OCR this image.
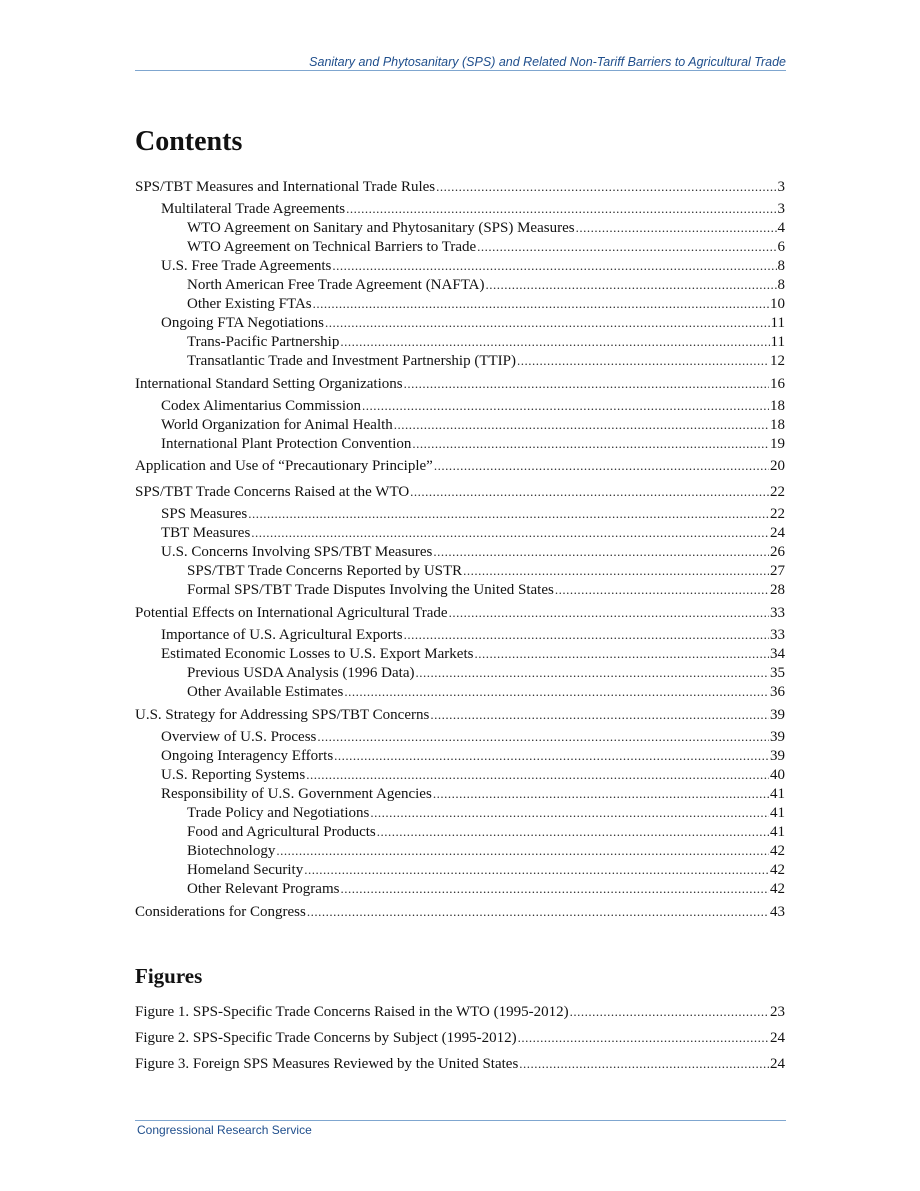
Sanitary and Phytosanitary (SPS) and Related Non-Tariff Barriers to Agricultural Trade
Contents
SPS/TBT Measures and International Trade Rules .....	3
Multilateral Trade Agreements .....	3
WTO Agreement on Sanitary and Phytosanitary (SPS) Measures .....	4
WTO Agreement on Technical Barriers to Trade .....	6
U.S. Free Trade Agreements .....	8
North American Free Trade Agreement (NAFTA) .....	8
Other Existing FTAs .....	10
Ongoing FTA Negotiations .....	11
Trans-Pacific Partnership .....	11
Transatlantic Trade and Investment Partnership (TTIP) .....	12
International Standard Setting Organizations .....	16
Codex Alimentarius Commission .....	18
World Organization for Animal Health .....	18
International Plant Protection Convention .....	19
Application and Use of “Precautionary Principle” .....	20
SPS/TBT Trade Concerns Raised at the WTO .....	22
SPS Measures .....	22
TBT Measures .....	24
U.S. Concerns Involving SPS/TBT Measures .....	26
SPS/TBT Trade Concerns Reported by USTR .....	27
Formal SPS/TBT Trade Disputes Involving the United States .....	28
Potential Effects on International Agricultural Trade .....	33
Importance of U.S. Agricultural Exports .....	33
Estimated Economic Losses to U.S. Export Markets .....	34
Previous USDA Analysis (1996 Data) .....	35
Other Available Estimates .....	36
U.S. Strategy for Addressing SPS/TBT Concerns .....	39
Overview of U.S. Process .....	39
Ongoing Interagency Efforts .....	39
U.S. Reporting Systems .....	40
Responsibility of U.S. Government Agencies .....	41
Trade Policy and Negotiations .....	41
Food and Agricultural Products .....	41
Biotechnology .....	42
Homeland Security .....	42
Other Relevant Programs .....	42
Considerations for Congress .....	43
Figures
Figure 1. SPS-Specific Trade Concerns Raised in the WTO (1995-2012) .....	23
Figure 2. SPS-Specific Trade Concerns by Subject (1995-2012) .....	24
Figure 3. Foreign SPS Measures Reviewed by the United States .....	24
Congressional Research Service
